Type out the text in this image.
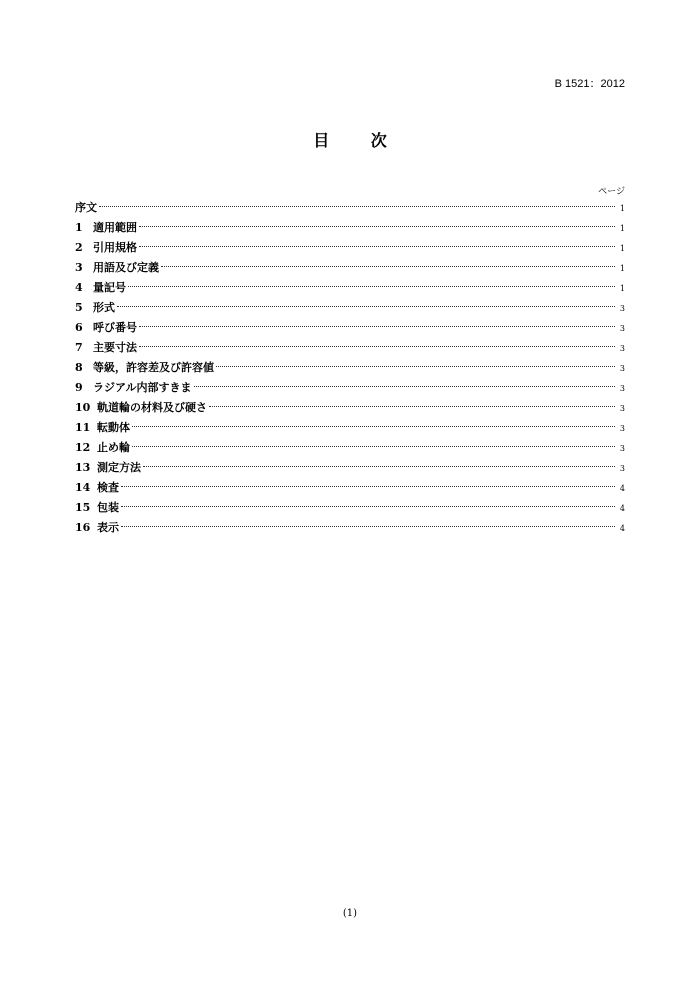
B 1521：2012
目 次
ページ
序文	1
1 適用範囲	1
2 引用規格	1
3 用語及び定義	1
4 量記号	1
5 形式	3
6 呼び番号	3
7 主要寸法	3
8 等級，許容差及び許容値	3
9 ラジアル内部すきま	3
10 軌道輪の材料及び硬さ	3
11 転動体	3
12 止め輪	3
13 測定方法	3
14 検査	4
15 包装	4
16 表示	4
(1)
